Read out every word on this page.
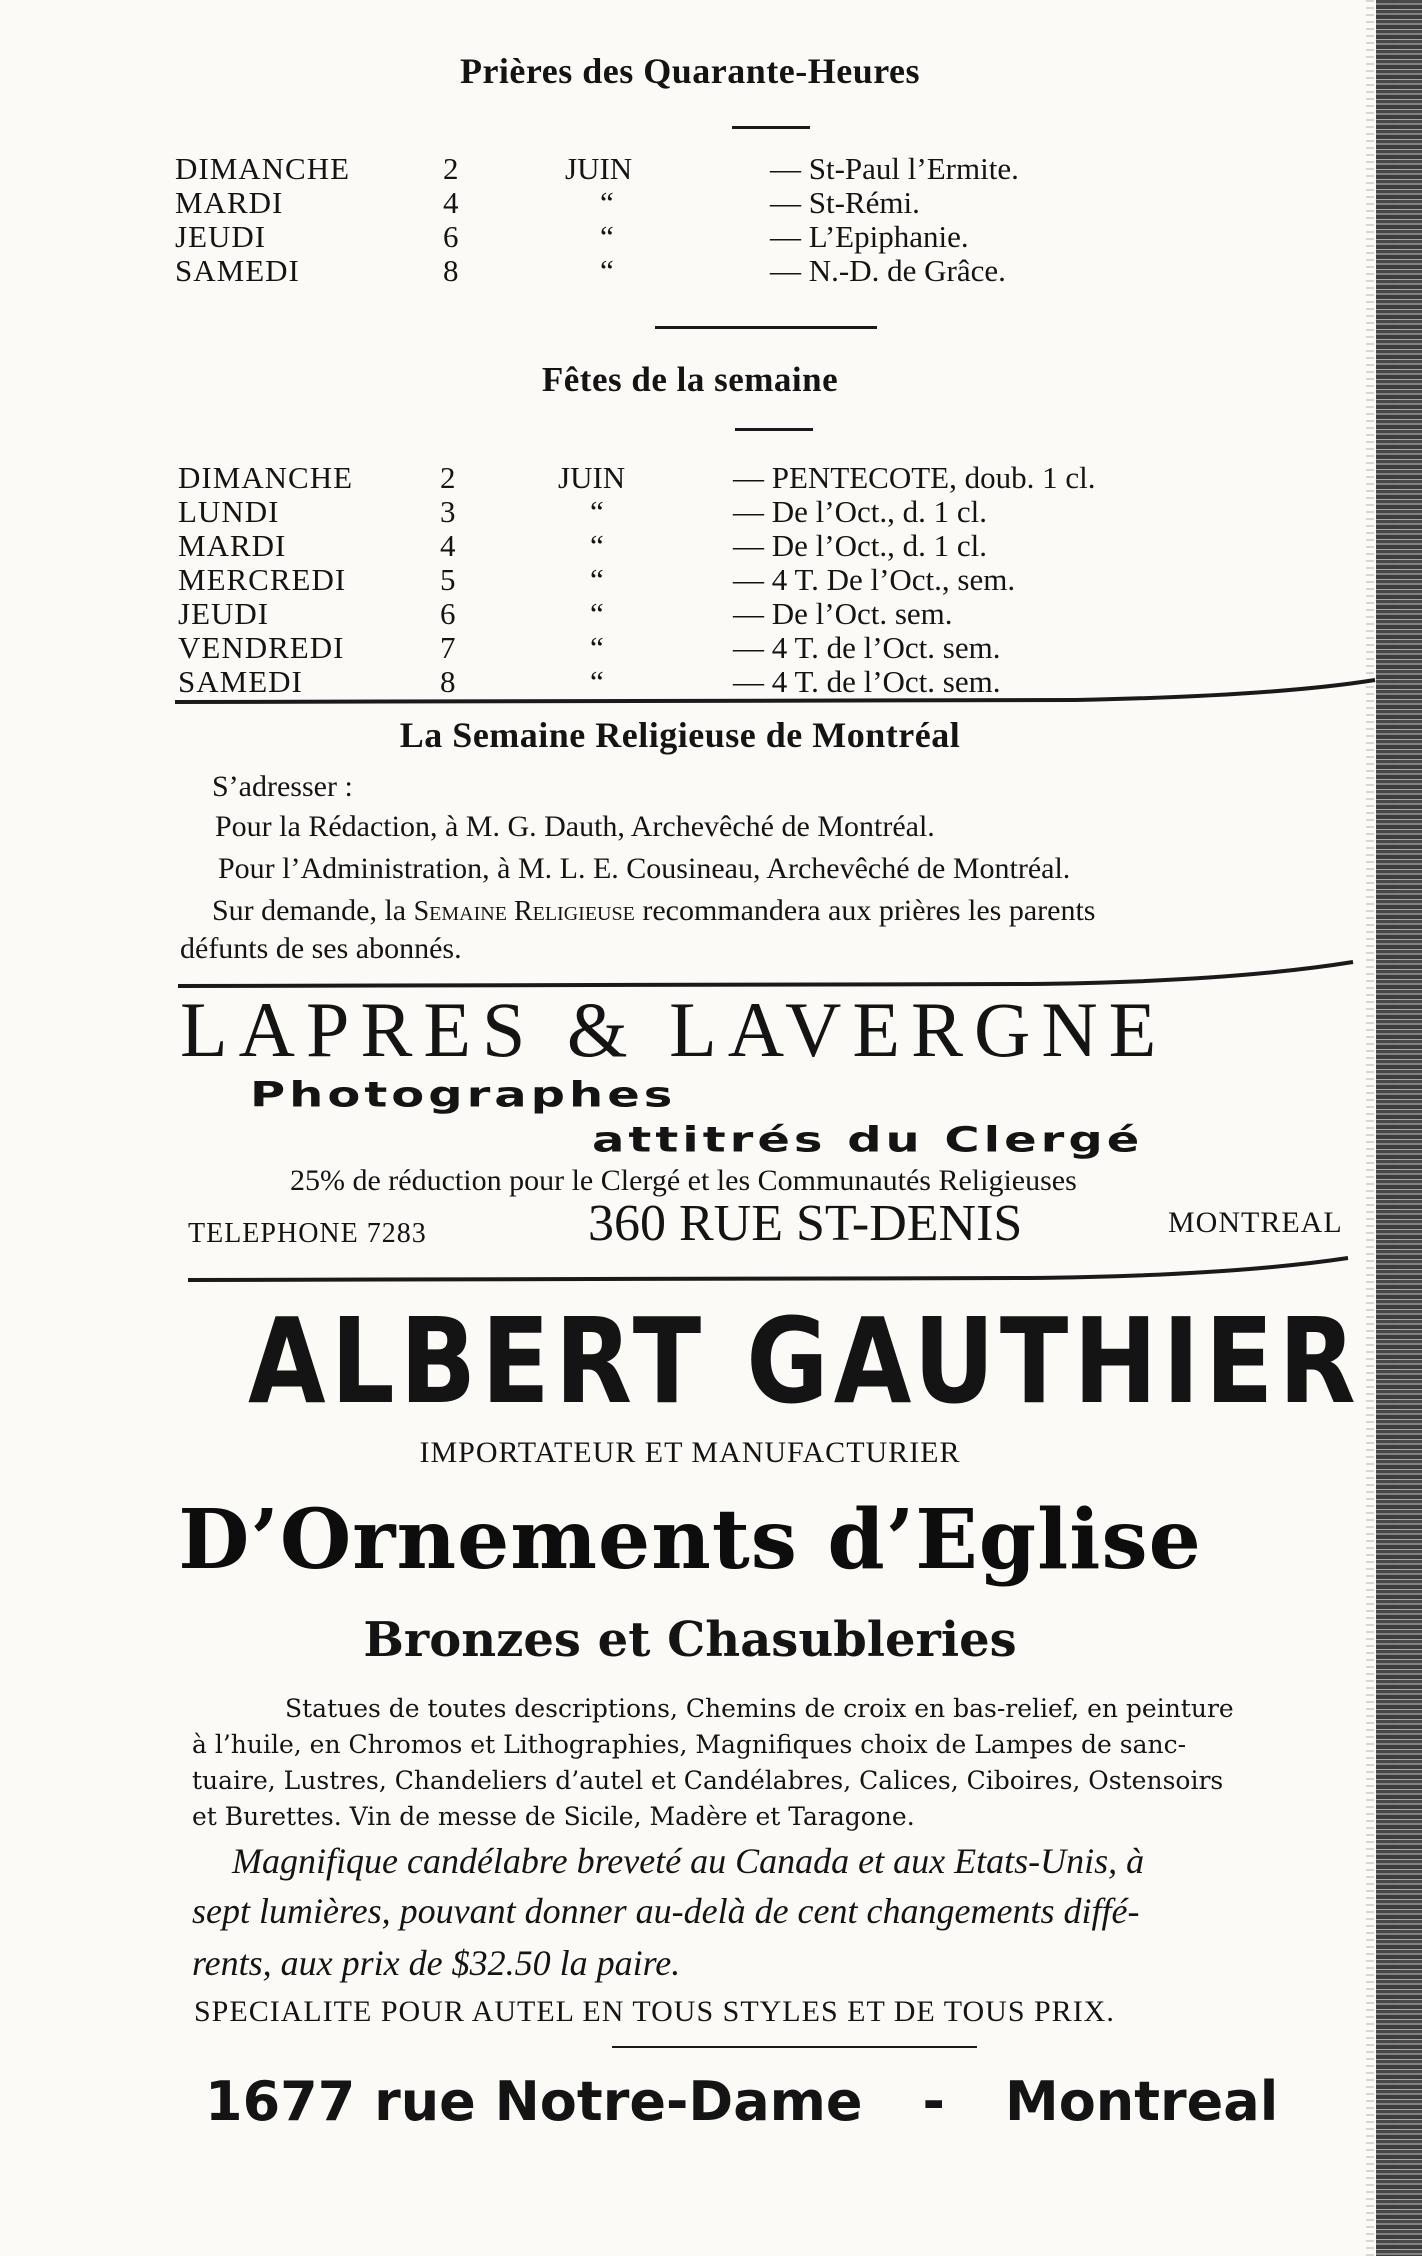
Prières des Quarante-Heures
DIMANCHE	2	JUIN	— St-Paul l’Ermite.
MARDI	4	“	— St-Rémi.
JEUDI	6	“	— L’Epiphanie.
SAMEDI	8	“	— N.-D. de Grâce.
Fêtes de la semaine
DIMANCHE	2	JUIN	— PENTECOTE, doub. 1 cl.
LUNDI	3	“	— De l’Oct., d. 1 cl.
MARDI	4	“	— De l’Oct., d. 1 cl.
MERCREDI	5	“	— 4 T. De l’Oct., sem.
JEUDI	6	“	— De l’Oct. sem.
VENDREDI	7	“	— 4 T. de l’Oct. sem.
SAMEDI	8	“	— 4 T. de l’Oct. sem.
La Semaine Religieuse de Montréal
S’adresser :
Pour la Rédaction, à M. G. Dauth, Archevêché de Montréal.
Pour l’Administration, à M. L. E. Cousineau, Archevêché de Montréal.
Sur demande, la Semaine Religieuse recommandera aux prières les parents
défunts de ses abonnés.
LAPRES & LAVERGNE
Photographes
attitrés du Clergé
25% de réduction pour le Clergé et les Communautés Religieuses
TELEPHONE 7283	360 RUE ST-DENIS	MONTREAL
ALBERT GAUTHIER
IMPORTATEUR ET MANUFACTURIER
D’Ornements d’Eglise
Bronzes et Chasubleries
Statues de toutes descriptions, Chemins de croix en bas-relief, en peinture
à l’huile, en Chromos et Lithographies, Magnifiques choix de Lampes de sanc-
tuaire, Lustres, Chandeliers d’autel et Candélabres, Calices, Ciboires, Ostensoirs
et Burettes. Vin de messe de Sicile, Madère et Taragone.
Magnifique candélabre breveté au Canada et aux Etats-Unis, à
sept lumières, pouvant donner au-delà de cent changements diffé-
rents, aux prix de $32.50 la paire.
SPECIALITE POUR AUTEL EN TOUS STYLES ET DE TOUS PRIX.
1677 rue Notre-Dame - Montreal
